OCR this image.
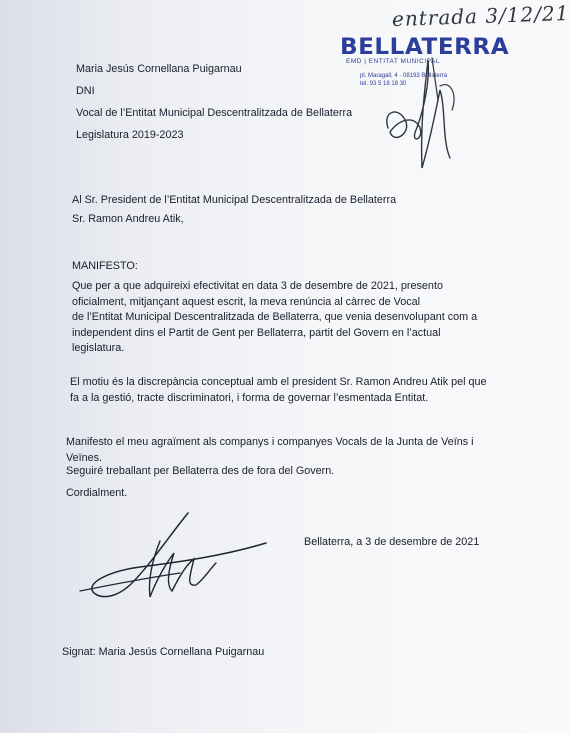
entrada 3/12/21
BELLATERRA
EMD | ENTITAT MUNICIPAL
pl. Maragall, 4 · 08193 Bellaterra
tel. 93 5 18 18 30

Maria Jesús Cornellana Puigarnau

DNI

Vocal de l’Entitat Municipal Descentralitzada de Bellaterra

Legislatura 2019-2023

Al Sr. President de l’Entitat Municipal Descentralitzada de Bellaterra

Sr. Ramon Andreu Atik,

MANIFESTO:

Que per a que adquireixi efectivitat en data 3 de desembre de 2021, presento
oficialment, mitjançant aquest escrit, la meva renúncia al càrrec de Vocal
de l’Entitat Municipal Descentralitzada de Bellaterra, que venia desenvolupant com a
independent dins el Partit de Gent per Bellaterra, partit del Govern en l’actual
legislatura.
El motiu és la discrepància conceptual amb el president Sr. Ramon Andreu Atik pel que
fa a la gestió, tracte discriminatori, i forma de governar l’esmentada Entitat.
Manifesto el meu agraïment als companys i companyes Vocals de la Junta de Veïns i
Veïnes.

Seguiré treballant per Bellaterra des de fora del Govern.

Cordialment.

Bellaterra, a 3 de desembre de 2021

Signat: Maria Jesús Cornellana Puigarnau
